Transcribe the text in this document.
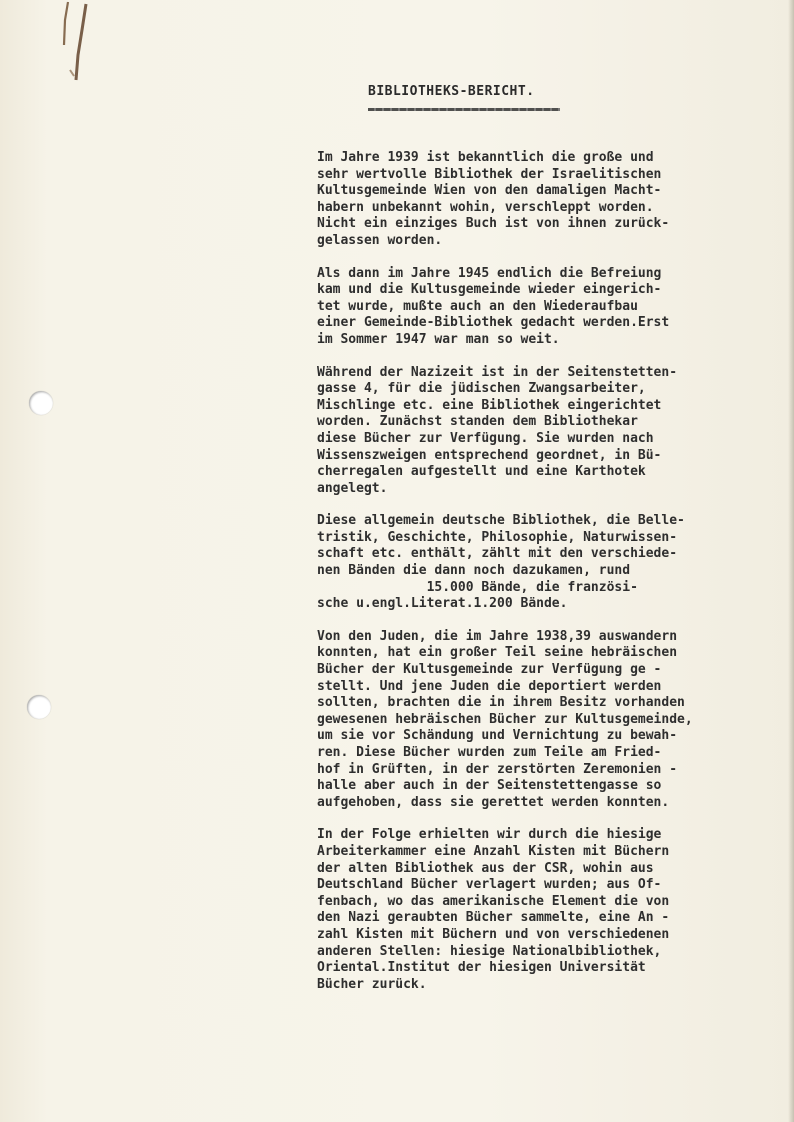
BIBLIOTHEKS-BERICHT.

Im Jahre 1939 ist bekanntlich die große und
sehr wertvolle Bibliothek der Israelitischen
Kultusgemeinde Wien von den damaligen Macht-
habern unbekannt wohin, verschleppt worden.
Nicht ein einziges Buch ist von ihnen zurück-
gelassen worden.

Als dann im Jahre 1945 endlich die Befreiung
kam und die Kultusgemeinde wieder eingerich-
tet wurde, mußte auch an den Wiederaufbau
einer Gemeinde-Bibliothek gedacht werden.Erst
im Sommer 1947 war man so weit.

Während der Nazizeit ist in der Seitenstetten-
gasse 4, für die jüdischen Zwangsarbeiter,
Mischlinge etc. eine Bibliothek eingerichtet
worden. Zunächst standen dem Bibliothekar
diese Bücher zur Verfügung. Sie wurden nach
Wissenszweigen entsprechend geordnet, in Bü-
cherregalen aufgestellt und eine Karthotek
angelegt.

Diese allgemein deutsche Bibliothek, die Belle-
tristik, Geschichte, Philosophie, Naturwissen-
schaft etc. enthält, zählt mit den verschiede-
nen Bänden die dann noch dazukamen, rund
15.000 Bände, die französi-
sche u.engl.Literat.1.200 Bände.

Von den Juden, die im Jahre 1938,39 auswandern
konnten, hat ein großer Teil seine hebräischen
Bücher der Kultusgemeinde zur Verfügung ge -
stellt. Und jene Juden die deportiert werden
sollten, brachten die in ihrem Besitz vorhanden
gewesenen hebräischen Bücher zur Kultusgemeinde,
um sie vor Schändung und Vernichtung zu bewah-
ren. Diese Bücher wurden zum Teile am Fried-
hof in Grüften, in der zerstörten Zeremonien -
halle aber auch in der Seitenstettengasse so
aufgehoben, dass sie gerettet werden konnten.

In der Folge erhielten wir durch die hiesige
Arbeiterkammer eine Anzahl Kisten mit Büchern
der alten Bibliothek aus der CSR, wohin aus
Deutschland Bücher verlagert wurden; aus Of-
fenbach, wo das amerikanische Element die von
den Nazi geraubten Bücher sammelte, eine An -
zahl Kisten mit Büchern und von verschiedenen
anderen Stellen: hiesige Nationalbibliothek,
Oriental.Institut der hiesigen Universität
Bücher zurück.
